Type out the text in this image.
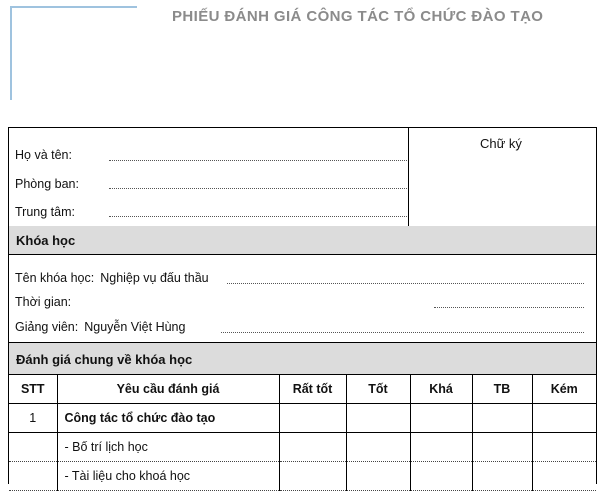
PHIẾU ĐÁNH GIÁ CÔNG TÁC TỔ CHỨC ĐÀO TẠO
Họ và tên:
Phòng ban:
Trung tâm:
Chữ ký
Khóa học
Tên khóa học: Nghiệp vụ đấu thầu
Thời gian:
Giảng viên: Nguyễn Việt Hùng
Đánh giá chung về khóa học
STT	Yêu cầu đánh giá	Rất tốt	Tốt	Khá	TB	Kém
1	Công tác tổ chức đào tạo					
	- Bố trí lịch học					
	- Tài liệu cho khoá học					
